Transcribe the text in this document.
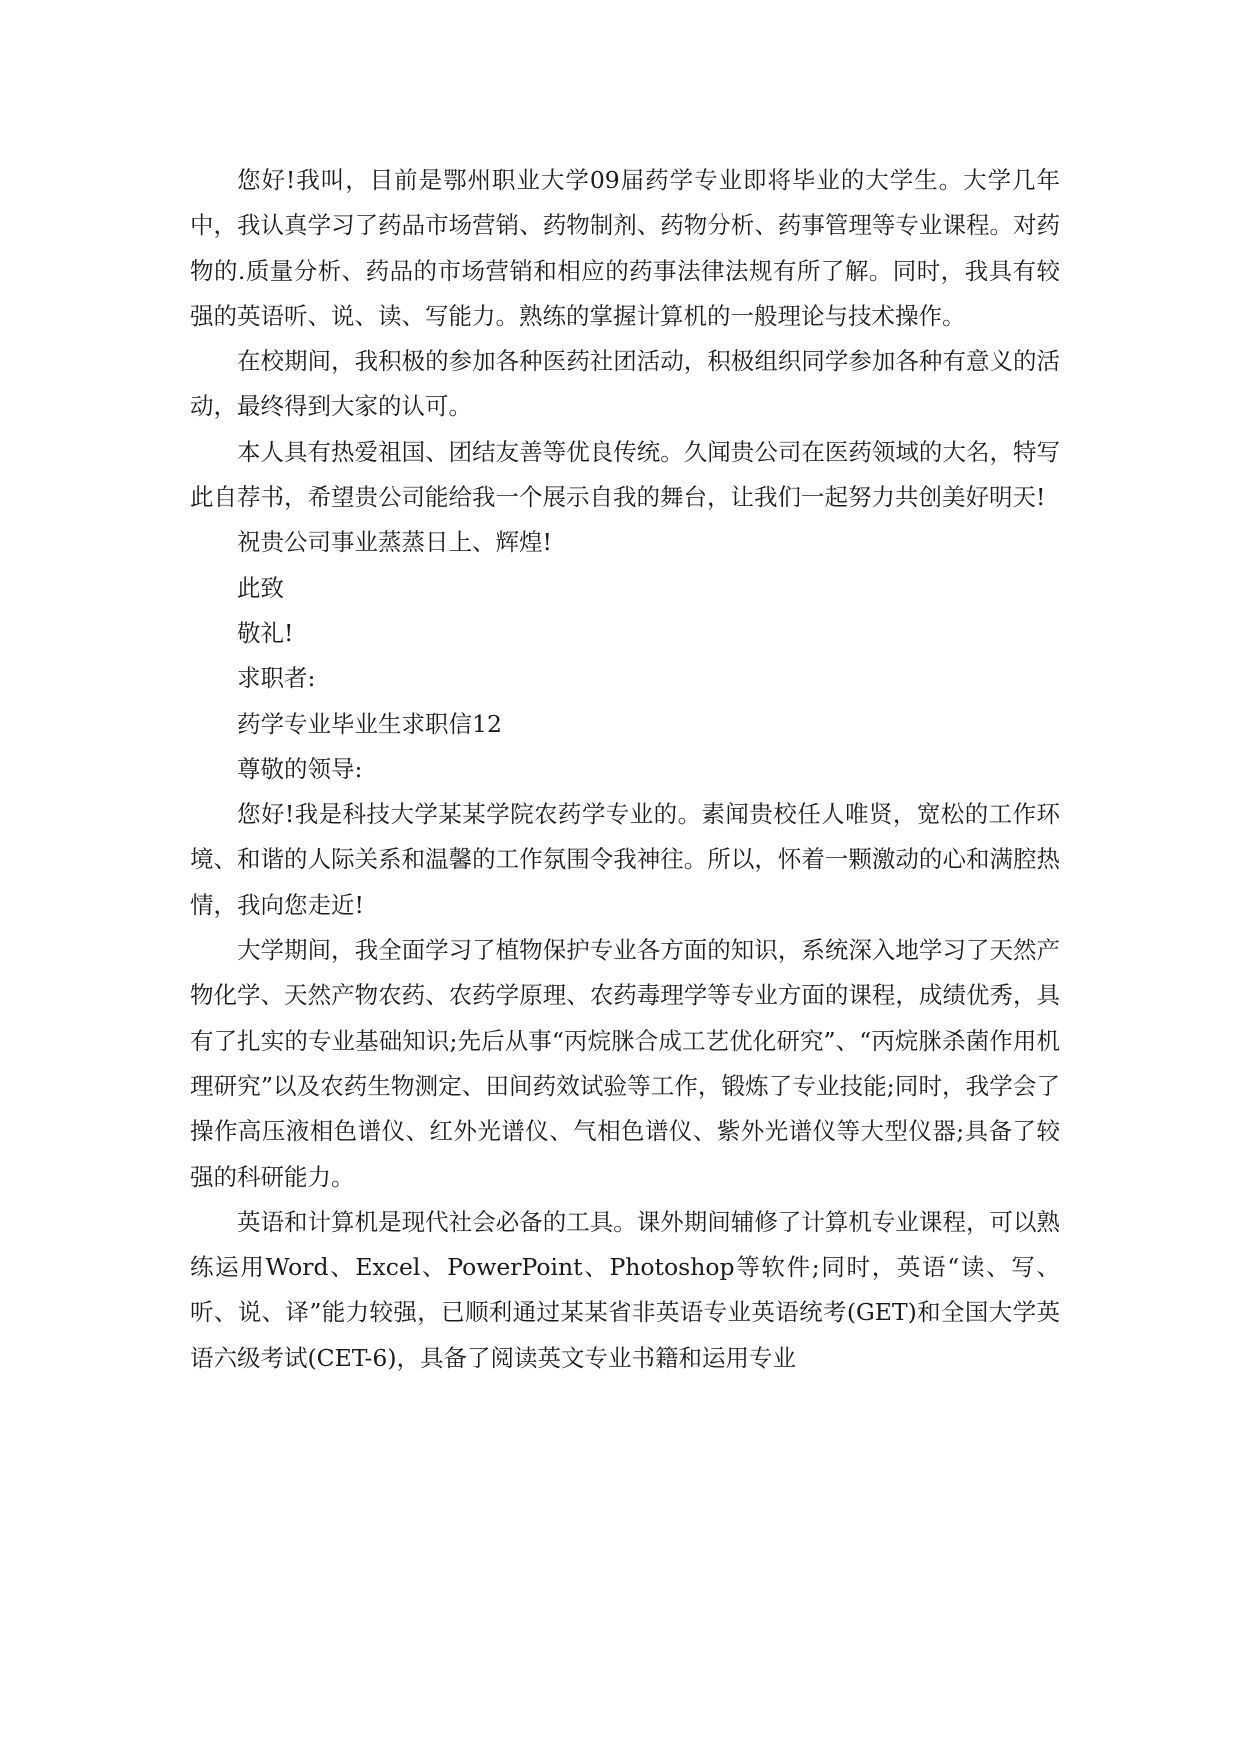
您好!我叫，目前是鄂州职业大学09届药学专业即将毕业的大学生。大学几年中，我认真学习了药品市场营销、药物制剂、药物分析、药事管理等专业课程。对药物的.质量分析、药品的市场营销和相应的药事法律法规有所了解。同时，我具有较强的英语听、说、读、写能力。熟练的掌握计算机的一般理论与技术操作。

在校期间，我积极的参加各种医药社团活动，积极组织同学参加各种有意义的活动，最终得到大家的认可。

本人具有热爱祖国、团结友善等优良传统。久闻贵公司在医药领域的大名，特写此自荐书，希望贵公司能给我一个展示自我的舞台，让我们一起努力共创美好明天!

祝贵公司事业蒸蒸日上、辉煌!

此致

敬礼!

求职者:

药学专业毕业生求职信12

尊敬的领导:

您好!我是科技大学某某学院农药学专业的。素闻贵校任人唯贤，宽松的工作环境、和谐的人际关系和温馨的工作氛围令我神往。所以，怀着一颗激动的心和满腔热情，我向您走近!

大学期间，我全面学习了植物保护专业各方面的知识，系统深入地学习了天然产物化学、天然产物农药、农药学原理、农药毒理学等专业方面的课程，成绩优秀，具有了扎实的专业基础知识;先后从事“丙烷脒合成工艺优化研究”、“丙烷脒杀菌作用机理研究”以及农药生物测定、田间药效试验等工作，锻炼了专业技能;同时，我学会了操作高压液相色谱仪、红外光谱仪、气相色谱仪、紫外光谱仪等大型仪器;具备了较强的科研能力。

英语和计算机是现代社会必备的工具。课外期间辅修了计算机专业课程，可以熟练运用Word、Excel、PowerPoint、Photoshop等软件;同时，英语“读、写、听、说、译”能力较强，已顺利通过某某省非英语专业英语统考(GET)和全国大学英语六级考试(CET-6)，具备了阅读英文专业书籍和运用专业
